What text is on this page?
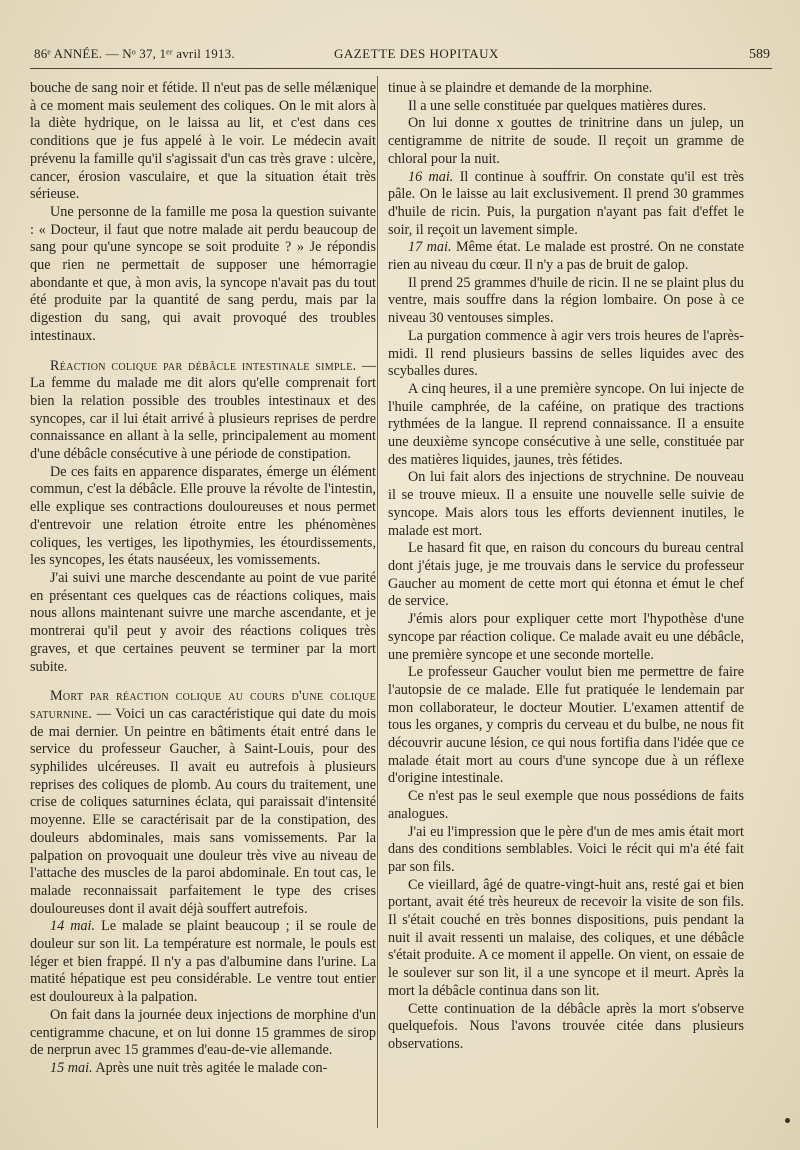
86ᵉ ANNÉE. — Nᵒ 37, 1ᵉʳ avril 1913.	GAZETTE DES HOPITAUX	589

bouche de sang noir et fétide. Il n'eut pas de selle mélænique à ce moment mais seulement des coliques. On le mit alors à la diète hydrique, on le laissa au lit, et c'est dans ces conditions que je fus appelé à le voir. Le médecin avait prévenu la famille qu'il s'agissait d'un cas très grave : ulcère, cancer, érosion vasculaire, et que la situation était très sérieuse.

Une personne de la famille me posa la question suivante : « Docteur, il faut que notre malade ait perdu beaucoup de sang pour qu'une syncope se soit produite ? » Je répondis que rien ne permettait de supposer une hémorragie abondante et que, à mon avis, la syncope n'avait pas du tout été produite par la quantité de sang perdu, mais par la digestion du sang, qui avait provoqué des troubles intestinaux.

Réaction colique par débâcle intestinale simple. — La femme du malade me dit alors qu'elle comprenait fort bien la relation possible des troubles intestinaux et des syncopes, car il lui était arrivé à plusieurs reprises de perdre connaissance en allant à la selle, principalement au moment d'une débâcle consécutive à une période de constipation.

De ces faits en apparence disparates, émerge un élément commun, c'est la débâcle. Elle prouve la révolte de l'intestin, elle explique ses contractions douloureuses et nous permet d'entrevoir une relation étroite entre les phénomènes coliques, les vertiges, les lipothymies, les étourdissements, les syncopes, les états nauséeux, les vomissements.

J'ai suivi une marche descendante au point de vue parité en présentant ces quelques cas de réactions coliques, mais nous allons maintenant suivre une marche ascendante, et je montrerai qu'il peut y avoir des réactions coliques très graves, et que certaines peuvent se terminer par la mort subite.

Mort par réaction colique au cours d'une colique saturnine. — Voici un cas caractéristique qui date du mois de mai dernier. Un peintre en bâtiments était entré dans le service du professeur Gaucher, à Saint-Louis, pour des syphilides ulcéreuses. Il avait eu autrefois à plusieurs reprises des coliques de plomb. Au cours du traitement, une crise de coliques saturnines éclata, qui paraissait d'intensité moyenne. Elle se caractérisait par de la constipation, des douleurs abdominales, mais sans vomissements. Par la palpation on provoquait une douleur très vive au niveau de l'attache des muscles de la paroi abdominale. En tout cas, le malade reconnaissait parfaitement le type des crises douloureuses dont il avait déjà souffert autrefois.

14 mai. Le malade se plaint beaucoup ; il se roule de douleur sur son lit. La température est normale, le pouls est léger et bien frappé. Il n'y a pas d'albumine dans l'urine. La matité hépatique est peu considérable. Le ventre tout entier est douloureux à la palpation.

On fait dans la journée deux injections de morphine d'un centigramme chacune, et on lui donne 15 grammes de sirop de nerprun avec 15 grammes d'eau-de-vie allemande.

15 mai. Après une nuit très agitée le malade con-

tinue à se plaindre et demande de la morphine.

Il a une selle constituée par quelques matières dures.

On lui donne x gouttes de trinitrine dans un julep, un centigramme de nitrite de soude. Il reçoit un gramme de chloral pour la nuit.

16 mai. Il continue à souffrir. On constate qu'il est très pâle. On le laisse au lait exclusivement. Il prend 30 grammes d'huile de ricin. Puis, la purgation n'ayant pas fait d'effet le soir, il reçoit un lavement simple.

17 mai. Même état. Le malade est prostré. On ne constate rien au niveau du cœur. Il n'y a pas de bruit de galop.

Il prend 25 grammes d'huile de ricin. Il ne se plaint plus du ventre, mais souffre dans la région lombaire. On pose à ce niveau 30 ventouses simples.

La purgation commence à agir vers trois heures de l'après-midi. Il rend plusieurs bassins de selles liquides avec des scyballes dures.

A cinq heures, il a une première syncope. On lui injecte de l'huile camphrée, de la caféine, on pratique des tractions rythmées de la langue. Il reprend connaissance. Il a ensuite une deuxième syncope consécutive à une selle, constituée par des matières liquides, jaunes, très fétides.

On lui fait alors des injections de strychnine. De nouveau il se trouve mieux. Il a ensuite une nouvelle selle suivie de syncope. Mais alors tous les efforts deviennent inutiles, le malade est mort.

Le hasard fit que, en raison du concours du bureau central dont j'étais juge, je me trouvais dans le service du professeur Gaucher au moment de cette mort qui étonna et émut le chef de service.

J'émis alors pour expliquer cette mort l'hypothèse d'une syncope par réaction colique. Ce malade avait eu une débâcle, une première syncope et une seconde mortelle.

Le professeur Gaucher voulut bien me permettre de faire l'autopsie de ce malade. Elle fut pratiquée le lendemain par mon collaborateur, le docteur Moutier. L'examen attentif de tous les organes, y compris du cerveau et du bulbe, ne nous fit découvrir aucune lésion, ce qui nous fortifia dans l'idée que ce malade était mort au cours d'une syncope due à un réflexe d'origine intestinale.

Ce n'est pas le seul exemple que nous possédions de faits analogues.

J'ai eu l'impression que le père d'un de mes amis était mort dans des conditions semblables. Voici le récit qui m'a été fait par son fils.

Ce vieillard, âgé de quatre-vingt-huit ans, resté gai et bien portant, avait été très heureux de recevoir la visite de son fils. Il s'était couché en très bonnes dispositions, puis pendant la nuit il avait ressenti un malaise, des coliques, et une débâcle s'était produite. A ce moment il appelle. On vient, on essaie de le soulever sur son lit, il a une syncope et il meurt. Après la mort la débâcle continua dans son lit.

Cette continuation de la débâcle après la mort s'observe quelquefois. Nous l'avons trouvée citée dans plusieurs observations.
